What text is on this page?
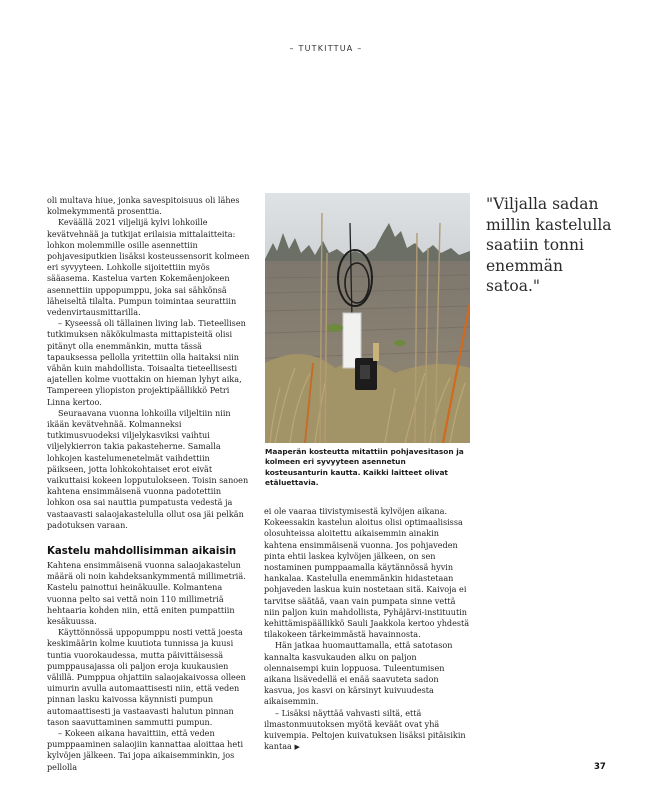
– TUTKITTUA –

oli multava hiue, jonka savespitoisuus oli lähes kolmekymmentä prosenttia.

Keväällä 2021 viljelijä kylvi lohkoille kevätvehnää ja tutkijat erilaisia mittalaitteita: lohkon molemmille osille asennettiin pohjavesiputkien lisäksi kosteussensorit kolmeen eri syvyyteen. Lohkolle sijoitettiin myös sääasema. Kastelua varten Kokemäenjokeen asennettiin uppopumppu, joka sai sähkönsä läheiseltä tilalta. Pumpun toimintaa seurattiin vedenvirtausmittarilla.

– Kyseessä oli tällainen living lab. Tieteellisen tutkimuksen näkökulmasta mittapisteitä olisi pitänyt olla enemmänkin, mutta tässä tapauksessa pellolla yritettiin olla haitaksi niin vähän kuin mahdollista. Toisaalta tieteellisesti ajatellen kolme vuottakin on hieman lyhyt aika, Tampereen yliopiston projektipäällikkö Petri Linna kertoo.

Seuraavana vuonna lohkoilla viljeltiin niin ikään kevätvehnää. Kolmanneksi tutkimusvuodeksi viljelykasviksi vaihtui viljelykierron takia pakasteherne. Samalla lohkojen kastelumenetelmät vaihdettiin päikseen, jotta lohkokohtaiset erot eivät vaikuttaisi kokeen lopputulokseen. Toisin sanoen kahtena ensimmäisenä vuonna padotettiin lohkon osa sai nauttia pumpatusta vedestä ja vastaavasti salaojakastelulla ollut osa jäi pelkän padotuksen varaan.

Kastelu mahdollisimman aikaisin

Kahtena ensimmäisenä vuonna salaojakastelun määrä oli noin kahdeksankymmentä millimetriä. Kastelu painottui heinäkuulle. Kolmantena vuonna pelto sai vettä noin 110 millimetriä hehtaaria kohden niin, että eniten pumpattiin kesäkuussa.

Käyttönnössä uppopumppu nosti vettä joesta keskimäärin kolme kuutiota tunnissa ja kuusi tuntia vuorokaudessa, mutta päivittäisessä pumppausajassa oli paljon eroja kuukausien välillä. Pumppua ohjattiin salaojakaivossa olleen uimurin avulla automaattisesti niin, että veden pinnan lasku kaivossa käynnisti pumpun automaattisesti ja vastaavasti halutun pinnan tason saavuttaminen sammutti pumpun.

– Kokeen aikana havaittiin, että veden pumppaaminen salaojiin kannattaa aloittaa heti kylvöjen jälkeen. Tai jopa aikaisemminkin, jos pellolla

Maaperän kosteutta mitattiin pohjavesitason ja kolmeen eri syvyyteen asennetun kosteusanturin kautta. Kaikki laitteet olivat etäluettavia.

ei ole vaaraa tiivistymisestä kylvöjen aikana. Kokeessakin kastelun aloitus olisi optimaalisissa olosuhteissa aloitettu aikaisemmin ainakin kahtena ensimmäisenä vuonna. Jos pohjaveden pinta ehtii laskea kylvöjen jälkeen, on sen nostaminen pumppaamalla käytännössä hyvin hankalaa. Kastelulla enemmänkin hidastetaan pohjaveden laskua kuin nostetaan sitä. Kaivoja ei tarvitse säätää, vaan vain pumpata sinne vettä niin paljon kuin mahdollista, Pyhäjärvi-instituutin kehittämispäällikkö Sauli Jaakkola kertoo yhdestä tilakokeen tärkeimmästä havainnosta.

Hän jatkaa huomauttamalla, että satotason kannalta kasvukauden alku on paljon olennaisempi kuin loppuosa. Tuleentumisen aikana lisävedellä ei enää saavuteta sadon kasvua, jos kasvi on kärsinyt kuivuudesta aikaisemmin.

– Lisäksi näyttää vahvasti siltä, että ilmastonmuutoksen myötä keväät ovat yhä kuivempia. Peltojen kuivatuksen lisäksi pitäisikin kantaa ▶

"Viljalla sadan
millin kastelulla
saatiin tonni
enemmän
satoa."
37
